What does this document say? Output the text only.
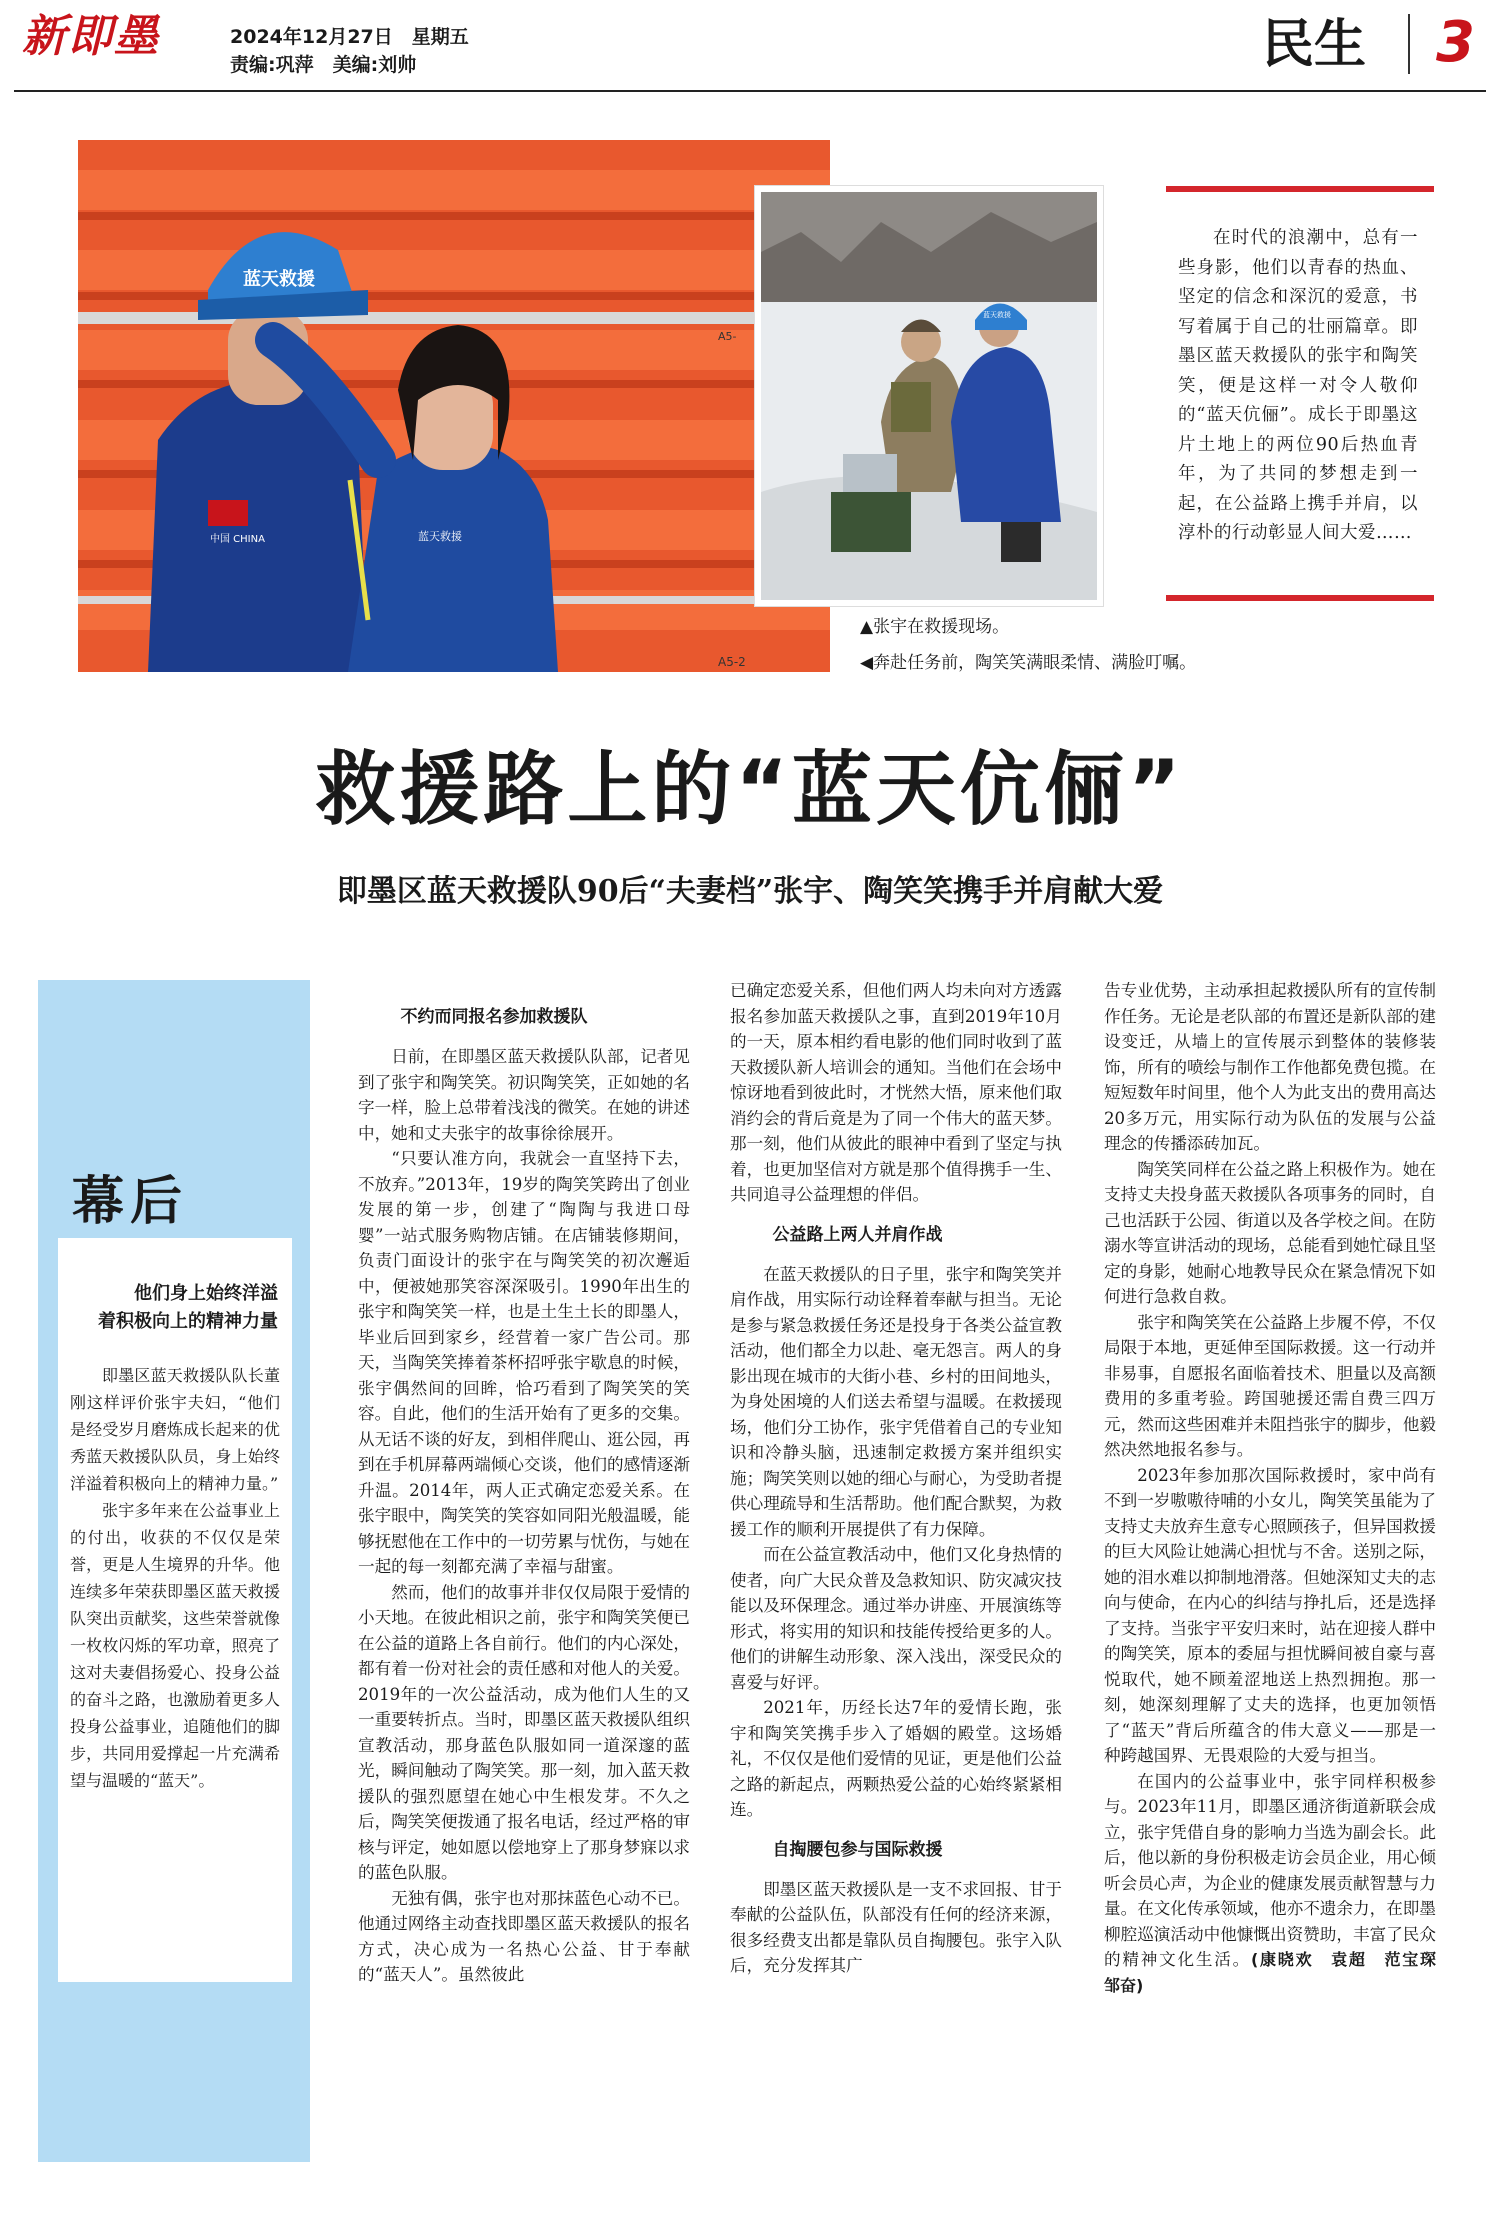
新即墨	2024年12月27日　星期五
责编:巩萍　美编:刘帅	民生 3
A5-
A5-2
蓝天救援
中国 CHINA	蓝天救援
蓝天救援
在时代的浪潮中，总有一些身影，他们以青春的热血、坚定的信念和深沉的爱意，书写着属于自己的壮丽篇章。即墨区蓝天救援队的张宇和陶笑笑，便是这样一对令人敬仰的“蓝天伉俪”。成长于即墨这片土地上的两位90后热血青年，为了共同的梦想走到一起，在公益路上携手并肩，以淳朴的行动彰显人间大爱……
▲张宇在救援现场。
◀奔赴任务前，陶笑笑满眼柔情、满脸叮嘱。
救援路上的“蓝天伉俪”
即墨区蓝天救援队90后“夫妻档”张宇、陶笑笑携手并肩献大爱
幕后
他们身上始终洋溢
着积极向上的精神力量

即墨区蓝天救援队队长董刚这样评价张宇夫妇，“他们是经受岁月磨炼成长起来的优秀蓝天救援队队员，身上始终洋溢着积极向上的精神力量。”

张宇多年来在公益事业上的付出，收获的不仅仅是荣誉，更是人生境界的升华。他连续多年荣获即墨区蓝天救援队突出贡献奖，这些荣誉就像一枚枚闪烁的军功章，照亮了这对夫妻倡扬爱心、投身公益的奋斗之路，也激励着更多人投身公益事业，追随他们的脚步，共同用爱撑起一片充满希望与温暖的“蓝天”。

不约而同报名参加救援队

日前，在即墨区蓝天救援队队部，记者见到了张宇和陶笑笑。初识陶笑笑，正如她的名字一样，脸上总带着浅浅的微笑。在她的讲述中，她和丈夫张宇的故事徐徐展开。

“只要认准方向，我就会一直坚持下去，不放弃。”2013年，19岁的陶笑笑跨出了创业发展的第一步，创建了“陶陶与我进口母婴”一站式服务购物店铺。在店铺装修期间，负责门面设计的张宇在与陶笑笑的初次邂逅中，便被她那笑容深深吸引。1990年出生的张宇和陶笑笑一样，也是土生土长的即墨人，毕业后回到家乡，经营着一家广告公司。那天，当陶笑笑捧着茶杯招呼张宇歇息的时候，张宇偶然间的回眸，恰巧看到了陶笑笑的笑容。自此，他们的生活开始有了更多的交集。从无话不谈的好友，到相伴爬山、逛公园，再到在手机屏幕两端倾心交谈，他们的感情逐渐升温。2014年，两人正式确定恋爱关系。在张宇眼中，陶笑笑的笑容如同阳光般温暖，能够抚慰他在工作中的一切劳累与忧伤，与她在一起的每一刻都充满了幸福与甜蜜。

然而，他们的故事并非仅仅局限于爱情的小天地。在彼此相识之前，张宇和陶笑笑便已在公益的道路上各自前行。他们的内心深处，都有着一份对社会的责任感和对他人的关爱。2019年的一次公益活动，成为他们人生的又一重要转折点。当时，即墨区蓝天救援队组织宣教活动，那身蓝色队服如同一道深邃的蓝光，瞬间触动了陶笑笑。那一刻，加入蓝天救援队的强烈愿望在她心中生根发芽。不久之后，陶笑笑便拨通了报名电话，经过严格的审核与评定，她如愿以偿地穿上了那身梦寐以求的蓝色队服。

无独有偶，张宇也对那抹蓝色心动不已。他通过网络主动查找即墨区蓝天救援队的报名方式，决心成为一名热心公益、甘于奉献的“蓝天人”。虽然彼此

已确定恋爱关系，但他们两人均未向对方透露报名参加蓝天救援队之事，直到2019年10月的一天，原本相约看电影的他们同时收到了蓝天救援队新人培训会的通知。当他们在会场中惊讶地看到彼此时，才恍然大悟，原来他们取消约会的背后竟是为了同一个伟大的蓝天梦。那一刻，他们从彼此的眼神中看到了坚定与执着，也更加坚信对方就是那个值得携手一生、共同追寻公益理想的伴侣。

公益路上两人并肩作战

在蓝天救援队的日子里，张宇和陶笑笑并肩作战，用实际行动诠释着奉献与担当。无论是参与紧急救援任务还是投身于各类公益宣教活动，他们都全力以赴、毫无怨言。两人的身影出现在城市的大街小巷、乡村的田间地头，为身处困境的人们送去希望与温暖。在救援现场，他们分工协作，张宇凭借着自己的专业知识和冷静头脑，迅速制定救援方案并组织实施；陶笑笑则以她的细心与耐心，为受助者提供心理疏导和生活帮助。他们配合默契，为救援工作的顺利开展提供了有力保障。

而在公益宣教活动中，他们又化身热情的使者，向广大民众普及急救知识、防灾减灾技能以及环保理念。通过举办讲座、开展演练等形式，将实用的知识和技能传授给更多的人。他们的讲解生动形象、深入浅出，深受民众的喜爱与好评。

2021年，历经长达7年的爱情长跑，张宇和陶笑笑携手步入了婚姻的殿堂。这场婚礼，不仅仅是他们爱情的见证，更是他们公益之路的新起点，两颗热爱公益的心始终紧紧相连。

自掏腰包参与国际救援

即墨区蓝天救援队是一支不求回报、甘于奉献的公益队伍，队部没有任何的经济来源，很多经费支出都是靠队员自掏腰包。张宇入队后，充分发挥其广

告专业优势，主动承担起救援队所有的宣传制作任务。无论是老队部的布置还是新队部的建设变迁，从墙上的宣传展示到整体的装修装饰，所有的喷绘与制作工作他都免费包揽。在短短数年时间里，他个人为此支出的费用高达20多万元，用实际行动为队伍的发展与公益理念的传播添砖加瓦。

陶笑笑同样在公益之路上积极作为。她在支持丈夫投身蓝天救援队各项事务的同时，自己也活跃于公园、街道以及各学校之间。在防溺水等宣讲活动的现场，总能看到她忙碌且坚定的身影，她耐心地教导民众在紧急情况下如何进行急救自救。

张宇和陶笑笑在公益路上步履不停，不仅局限于本地，更延伸至国际救援。这一行动并非易事，自愿报名面临着技术、胆量以及高额费用的多重考验。跨国驰援还需自费三四万元，然而这些困难并未阻挡张宇的脚步，他毅然决然地报名参与。

2023年参加那次国际救援时，家中尚有不到一岁嗷嗷待哺的小女儿，陶笑笑虽能为了支持丈夫放弃生意专心照顾孩子，但异国救援的巨大风险让她满心担忧与不舍。送别之际，她的泪水难以抑制地滑落。但她深知丈夫的志向与使命，在内心的纠结与挣扎后，还是选择了支持。当张宇平安归来时，站在迎接人群中的陶笑笑，原本的委屈与担忧瞬间被自豪与喜悦取代，她不顾羞涩地送上热烈拥抱。那一刻，她深刻理解了丈夫的选择，也更加领悟了“蓝天”背后所蕴含的伟大意义——那是一种跨越国界、无畏艰险的大爱与担当。

在国内的公益事业中，张宇同样积极参与。2023年11月，即墨区通济街道新联会成立，张宇凭借自身的影响力当选为副会长。此后，他以新的身份积极走访会员企业，用心倾听会员心声，为企业的健康发展贡献智慧与力量。在文化传承领域，他亦不遗余力，在即墨柳腔巡演活动中他慷慨出资赞助，丰富了民众的精神文化生活。(康晓欢　袁超　范宝琛　邹奋)
